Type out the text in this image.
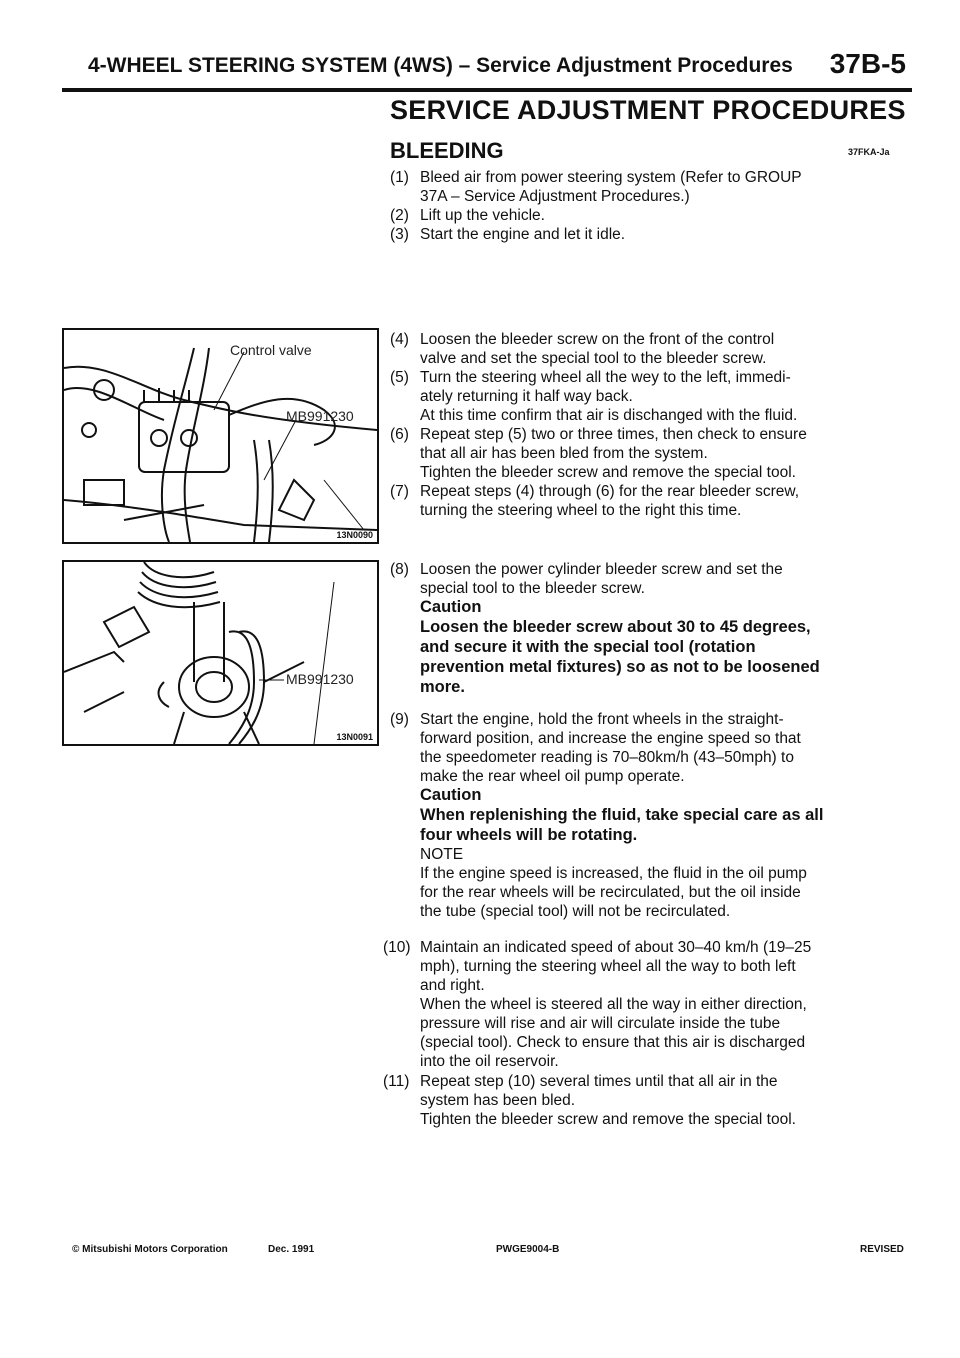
4-WHEEL STEERING SYSTEM (4WS) – Service Adjustment Procedures 37B-5
SERVICE ADJUSTMENT PROCEDURES
BLEEDING	37FKA-Ja
Control valve
MB991230
13N0090
MB991230
13N0091
(1) Bleed air from power steering system (Refer to GROUP

37A – Service Adjustment Procedures.)

(2) Lift up the vehicle.

(3) Start the engine and let it idle.

(4) Loosen the bleeder screw on the front of the control

valve and set the special tool to the bleeder screw.

(5) Turn the steering wheel all the wey to the left, immedi-

ately returning it half way back.

At this time confirm that air is dischanged with the fluid.

(6) Repeat step (5) two or three times, then check to ensure

that all air has been bled from the system.

Tighten the bleeder screw and remove the special tool.

(7) Repeat steps (4) through (6) for the rear bleeder screw,

turning the steering wheel to the right this time.

(8) Loosen the power cylinder bleeder screw and set the

special tool to the bleeder screw.

Caution

Loosen the bleeder screw about 30 to 45 degrees,

and secure it with the special tool (rotation

prevention metal fixtures) so as not to be loosened

more.

(9) Start the engine, hold the front wheels in the straight-

forward position, and increase the engine speed so that

the speedometer reading is 70–80km/h (43–50mph) to

make the rear wheel oil pump operate.

Caution

When replenishing the fluid, take special care as all

four wheels will be rotating.

NOTE

If the engine speed is increased, the fluid in the oil pump

for the rear wheels will be recirculated, but the oil inside

the tube (special tool) will not be recirculated.

(10) Maintain an indicated speed of about 30–40 km/h (19–25

mph), turning the steering wheel all the way to both left

and right.

When the wheel is steered all the way in either direction,

pressure will rise and air will circulate inside the tube

(special tool). Check to ensure that this air is discharged

into the oil reservoir.

(11) Repeat step (10) several times until that all air in the

system has been bled.

Tighten the bleeder screw and remove the special tool.

© Mitsubishi Motors Corporation	Dec. 1991	PWGE9004-B	REVISED
